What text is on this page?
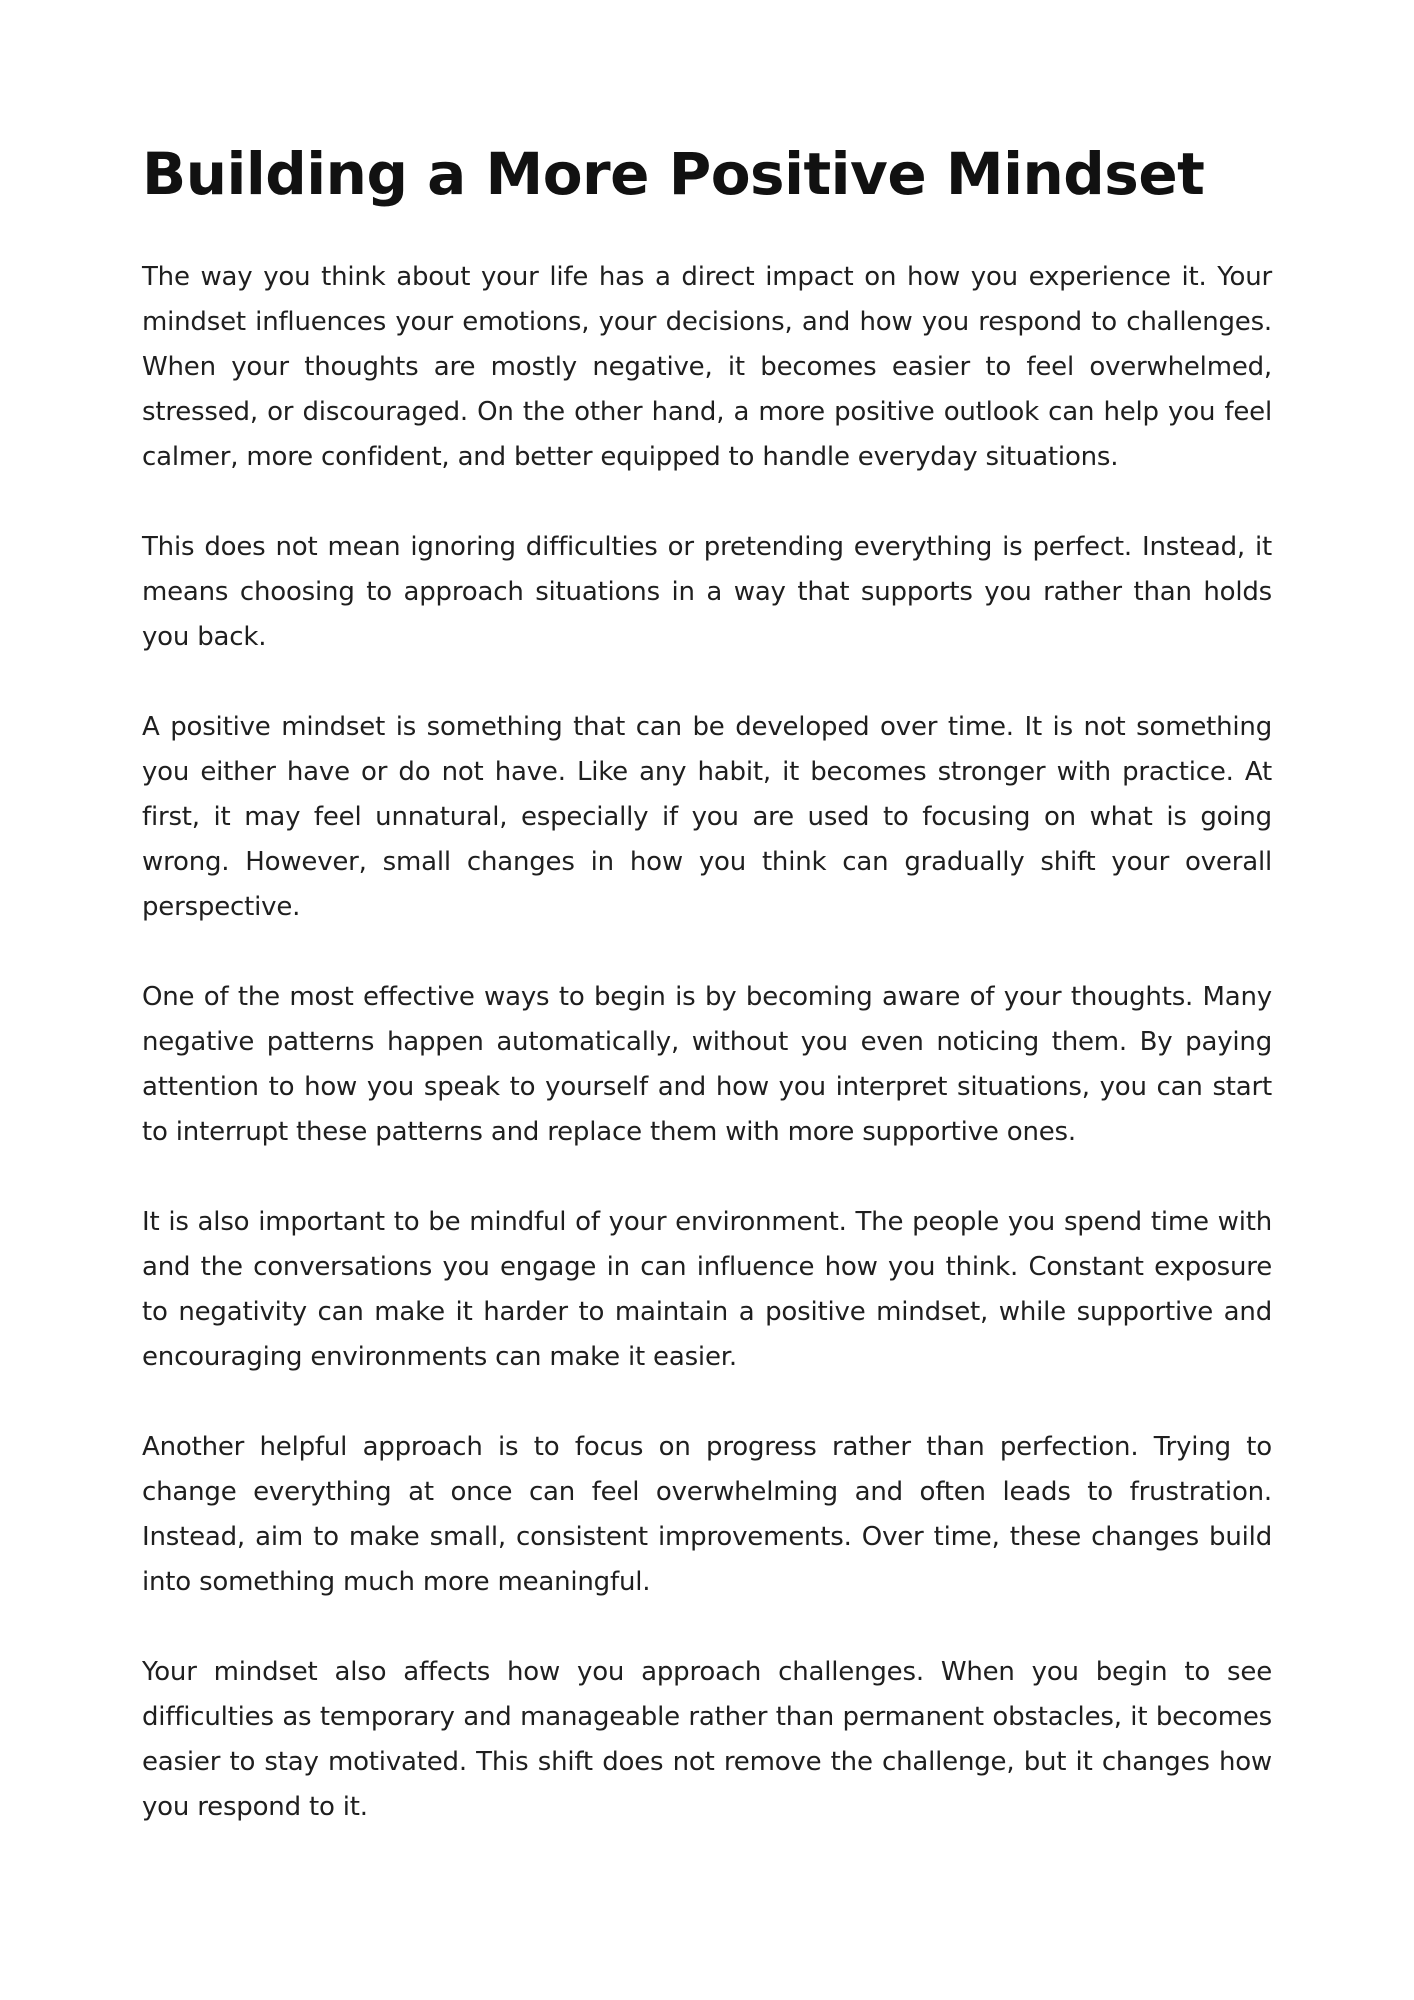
Building a More Positive Mindset

The way you think about your life has a direct impact on how you experience it. Your mindset influences your emotions, your decisions, and how you respond to challenges. When your thoughts are mostly negative, it becomes easier to feel overwhelmed, stressed, or discouraged. On the other hand, a more positive outlook can help you feel calmer, more confident, and better equipped to handle everyday situations.

This does not mean ignoring difficulties or pretending everything is perfect. Instead, it means choosing to approach situations in a way that supports you rather than holds you back.

A positive mindset is something that can be developed over time. It is not something you either have or do not have. Like any habit, it becomes stronger with practice. At first, it may feel unnatural, especially if you are used to focusing on what is going wrong. However, small changes in how you think can gradually shift your overall perspective.

One of the most effective ways to begin is by becoming aware of your thoughts. Many negative patterns happen automatically, without you even noticing them. By paying attention to how you speak to yourself and how you interpret situations, you can start to interrupt these patterns and replace them with more supportive ones.

It is also important to be mindful of your environment. The people you spend time with and the conversations you engage in can influence how you think. Constant exposure to negativity can make it harder to maintain a positive mindset, while supportive and encouraging environments can make it easier.

Another helpful approach is to focus on progress rather than perfection. Trying to change everything at once can feel overwhelming and often leads to frustration. Instead, aim to make small, consistent improvements. Over time, these changes build into something much more meaningful.

Your mindset also affects how you approach challenges. When you begin to see difficulties as temporary and manageable rather than permanent obstacles, it becomes easier to stay motivated. This shift does not remove the challenge, but it changes how you respond to it.
